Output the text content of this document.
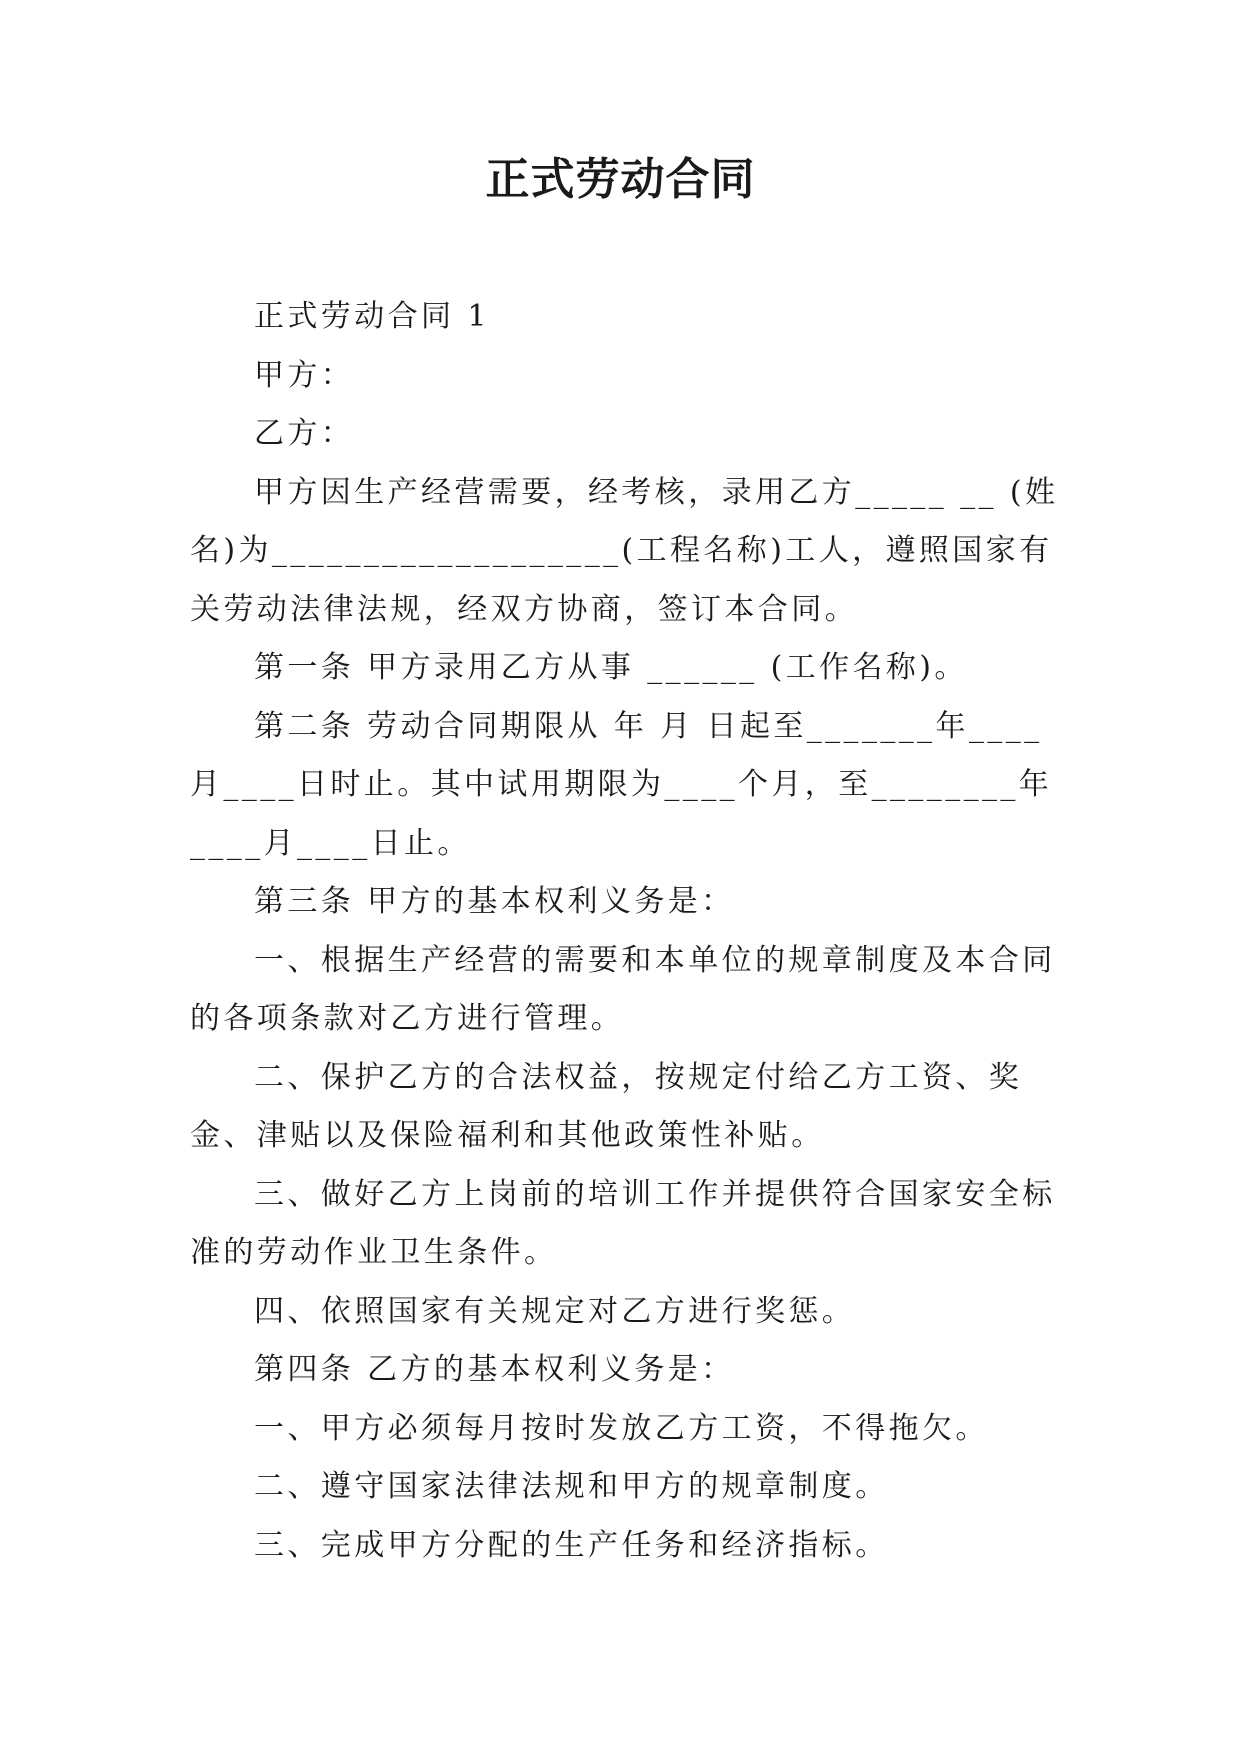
正式劳动合同

正式劳动合同 1

甲方：

乙方：

甲方因生产经营需要，经考核，录用乙方_____ __ (姓名)为___________________(工程名称)工人，遵照国家有关劳动法律法规，经双方协商，签订本合同。

第一条 甲方录用乙方从事 ______ (工作名称)。

第二条 劳动合同期限从 年 月 日起至_______年____月____日时止。其中试用期限为____个月，至________年____月____日止。

第三条 甲方的基本权利义务是：

一、根据生产经营的需要和本单位的规章制度及本合同的各项条款对乙方进行管理。

二、保护乙方的合法权益，按规定付给乙方工资、奖金、津贴以及保险福利和其他政策性补贴。

三、做好乙方上岗前的培训工作并提供符合国家安全标准的劳动作业卫生条件。

四、依照国家有关规定对乙方进行奖惩。

第四条 乙方的基本权利义务是：

一、甲方必须每月按时发放乙方工资，不得拖欠。

二、遵守国家法律法规和甲方的规章制度。

三、完成甲方分配的生产任务和经济指标。
